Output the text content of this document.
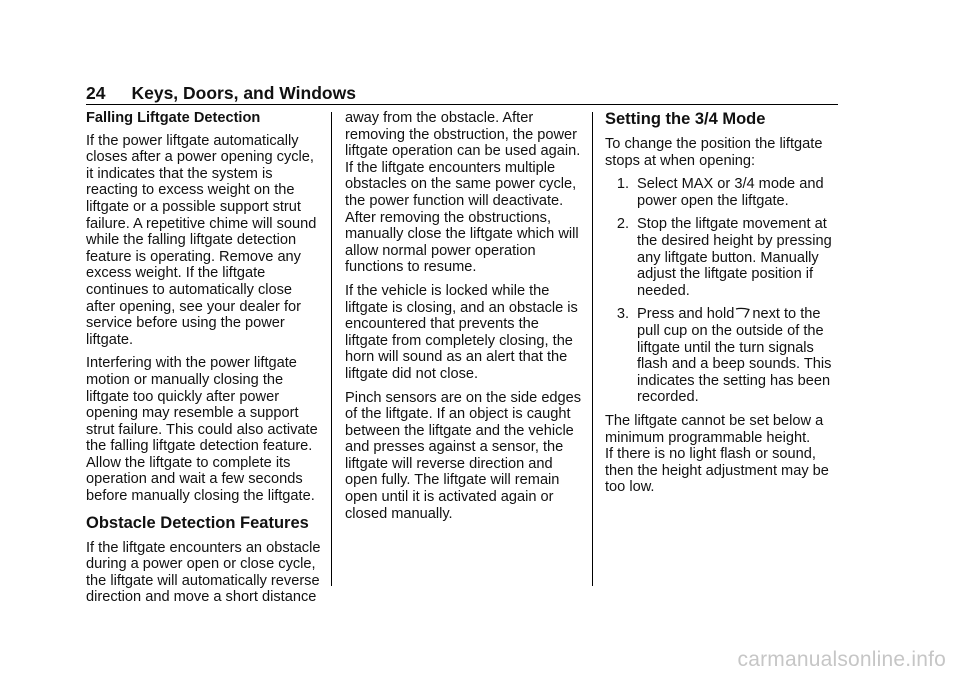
24 Keys, Doors, and Windows

Falling Liftgate Detection

If the power liftgate automatically closes after a power opening cycle, it indicates that the system is reacting to excess weight on the liftgate or a possible support strut failure. A repetitive chime will sound while the falling liftgate detection feature is operating. Remove any excess weight. If the liftgate continues to automatically close after opening, see your dealer for service before using the power liftgate.

Interfering with the power liftgate motion or manually closing the liftgate too quickly after power opening may resemble a support strut failure. This could also activate the falling liftgate detection feature. Allow the liftgate to complete its operation and wait a few seconds before manually closing the liftgate.

Obstacle Detection Features

If the liftgate encounters an obstacle during a power open or close cycle, the liftgate will automatically reverse direction and move a short distance

away from the obstacle. After removing the obstruction, the power liftgate operation can be used again. If the liftgate encounters multiple obstacles on the same power cycle, the power function will deactivate. After removing the obstructions, manually close the liftgate which will allow normal power operation functions to resume.

If the vehicle is locked while the liftgate is closing, and an obstacle is encountered that prevents the liftgate from completely closing, the horn will sound as an alert that the liftgate did not close.

Pinch sensors are on the side edges of the liftgate. If an object is caught between the liftgate and the vehicle and presses against a sensor, the liftgate will reverse direction and open fully. The liftgate will remain open until it is activated again or closed manually.

Setting the 3/4 Mode

To change the position the liftgate stops at when opening:

1. Select MAX or 3/4 mode and power open the liftgate.
2. Stop the liftgate movement at the desired height by pressing any liftgate button. Manually adjust the liftgate position if needed.
3. Press and hold next to the pull cup on the outside of the liftgate until the turn signals flash and a beep sounds. This indicates the setting has been recorded.

The liftgate cannot be set below a minimum programmable height.

If there is no light flash or sound, then the height adjustment may be too low.

carmanualsonline.info
